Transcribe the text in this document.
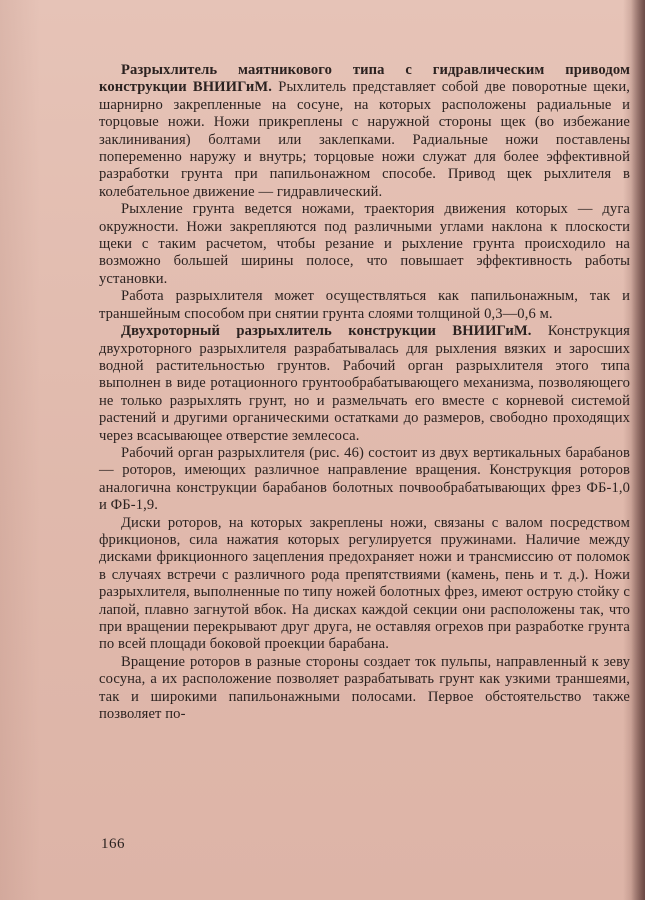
Разрыхлитель маятникового типа с гидравлическим приводом конструкции ВНИИГиМ. Рыхлитель представляет собой две поворотные щеки, шарнирно закрепленные на сосуне, на которых расположены радиальные и торцовые ножи. Ножи прикреплены с наружной стороны щек (во избежание заклинивания) болтами или заклепками. Радиальные ножи поставлены попеременно наружу и внутрь; торцовые ножи служат для более эффективной разработки грунта при папильонажном способе. Привод щек рыхлителя в колебательное движение — гидравлический.

Рыхление грунта ведется ножами, траектория движения которых — дуга окружности. Ножи закрепляются под различными углами наклона к плоскости щеки с таким расчетом, чтобы резание и рыхление грунта происходило на возможно большей ширины полосе, что повышает эффективность работы установки.

Работа разрыхлителя может осуществляться как папильонажным, так и траншейным способом при снятии грунта слоями толщиной 0,3—0,6 м.

Двухроторный разрыхлитель конструкции ВНИИГиМ. Конструкция двухроторного разрыхлителя разрабатывалась для рыхления вязких и заросших водной растительностью грунтов. Рабочий орган разрыхлителя этого типа выполнен в виде ротационного грунтообрабатывающего механизма, позволяющего не только разрыхлять грунт, но и размельчать его вместе с корневой системой растений и другими органическими остатками до размеров, свободно проходящих через всасывающее отверстие землесоса.

Рабочий орган разрыхлителя (рис. 46) состоит из двух вертикальных барабанов — роторов, имеющих различное направление вращения. Конструкция роторов аналогична конструкции барабанов болотных почвообрабатывающих фрез ФБ-1,0 и ФБ-1,9.

Диски роторов, на которых закреплены ножи, связаны с валом посредством фрикционов, сила нажатия которых регулируется пружинами. Наличие между дисками фрикционного зацепления предохраняет ножи и трансмиссию от поломок в случаях встречи с различного рода препятствиями (камень, пень и т. д.). Ножи разрыхлителя, выполненные по типу ножей болотных фрез, имеют острую стойку с лапой, плавно загнутой вбок. На дисках каждой секции они расположены так, что при вращении перекрывают друг друга, не оставляя огрехов при разработке грунта по всей площади боковой проекции барабана.

Вращение роторов в разные стороны создает ток пульпы, направленный к зеву сосуна, а их расположение позволяет разрабатывать грунт как узкими траншеями, так и широкими папильонажными полосами. Первое обстоятельство также позволяет по-

166
